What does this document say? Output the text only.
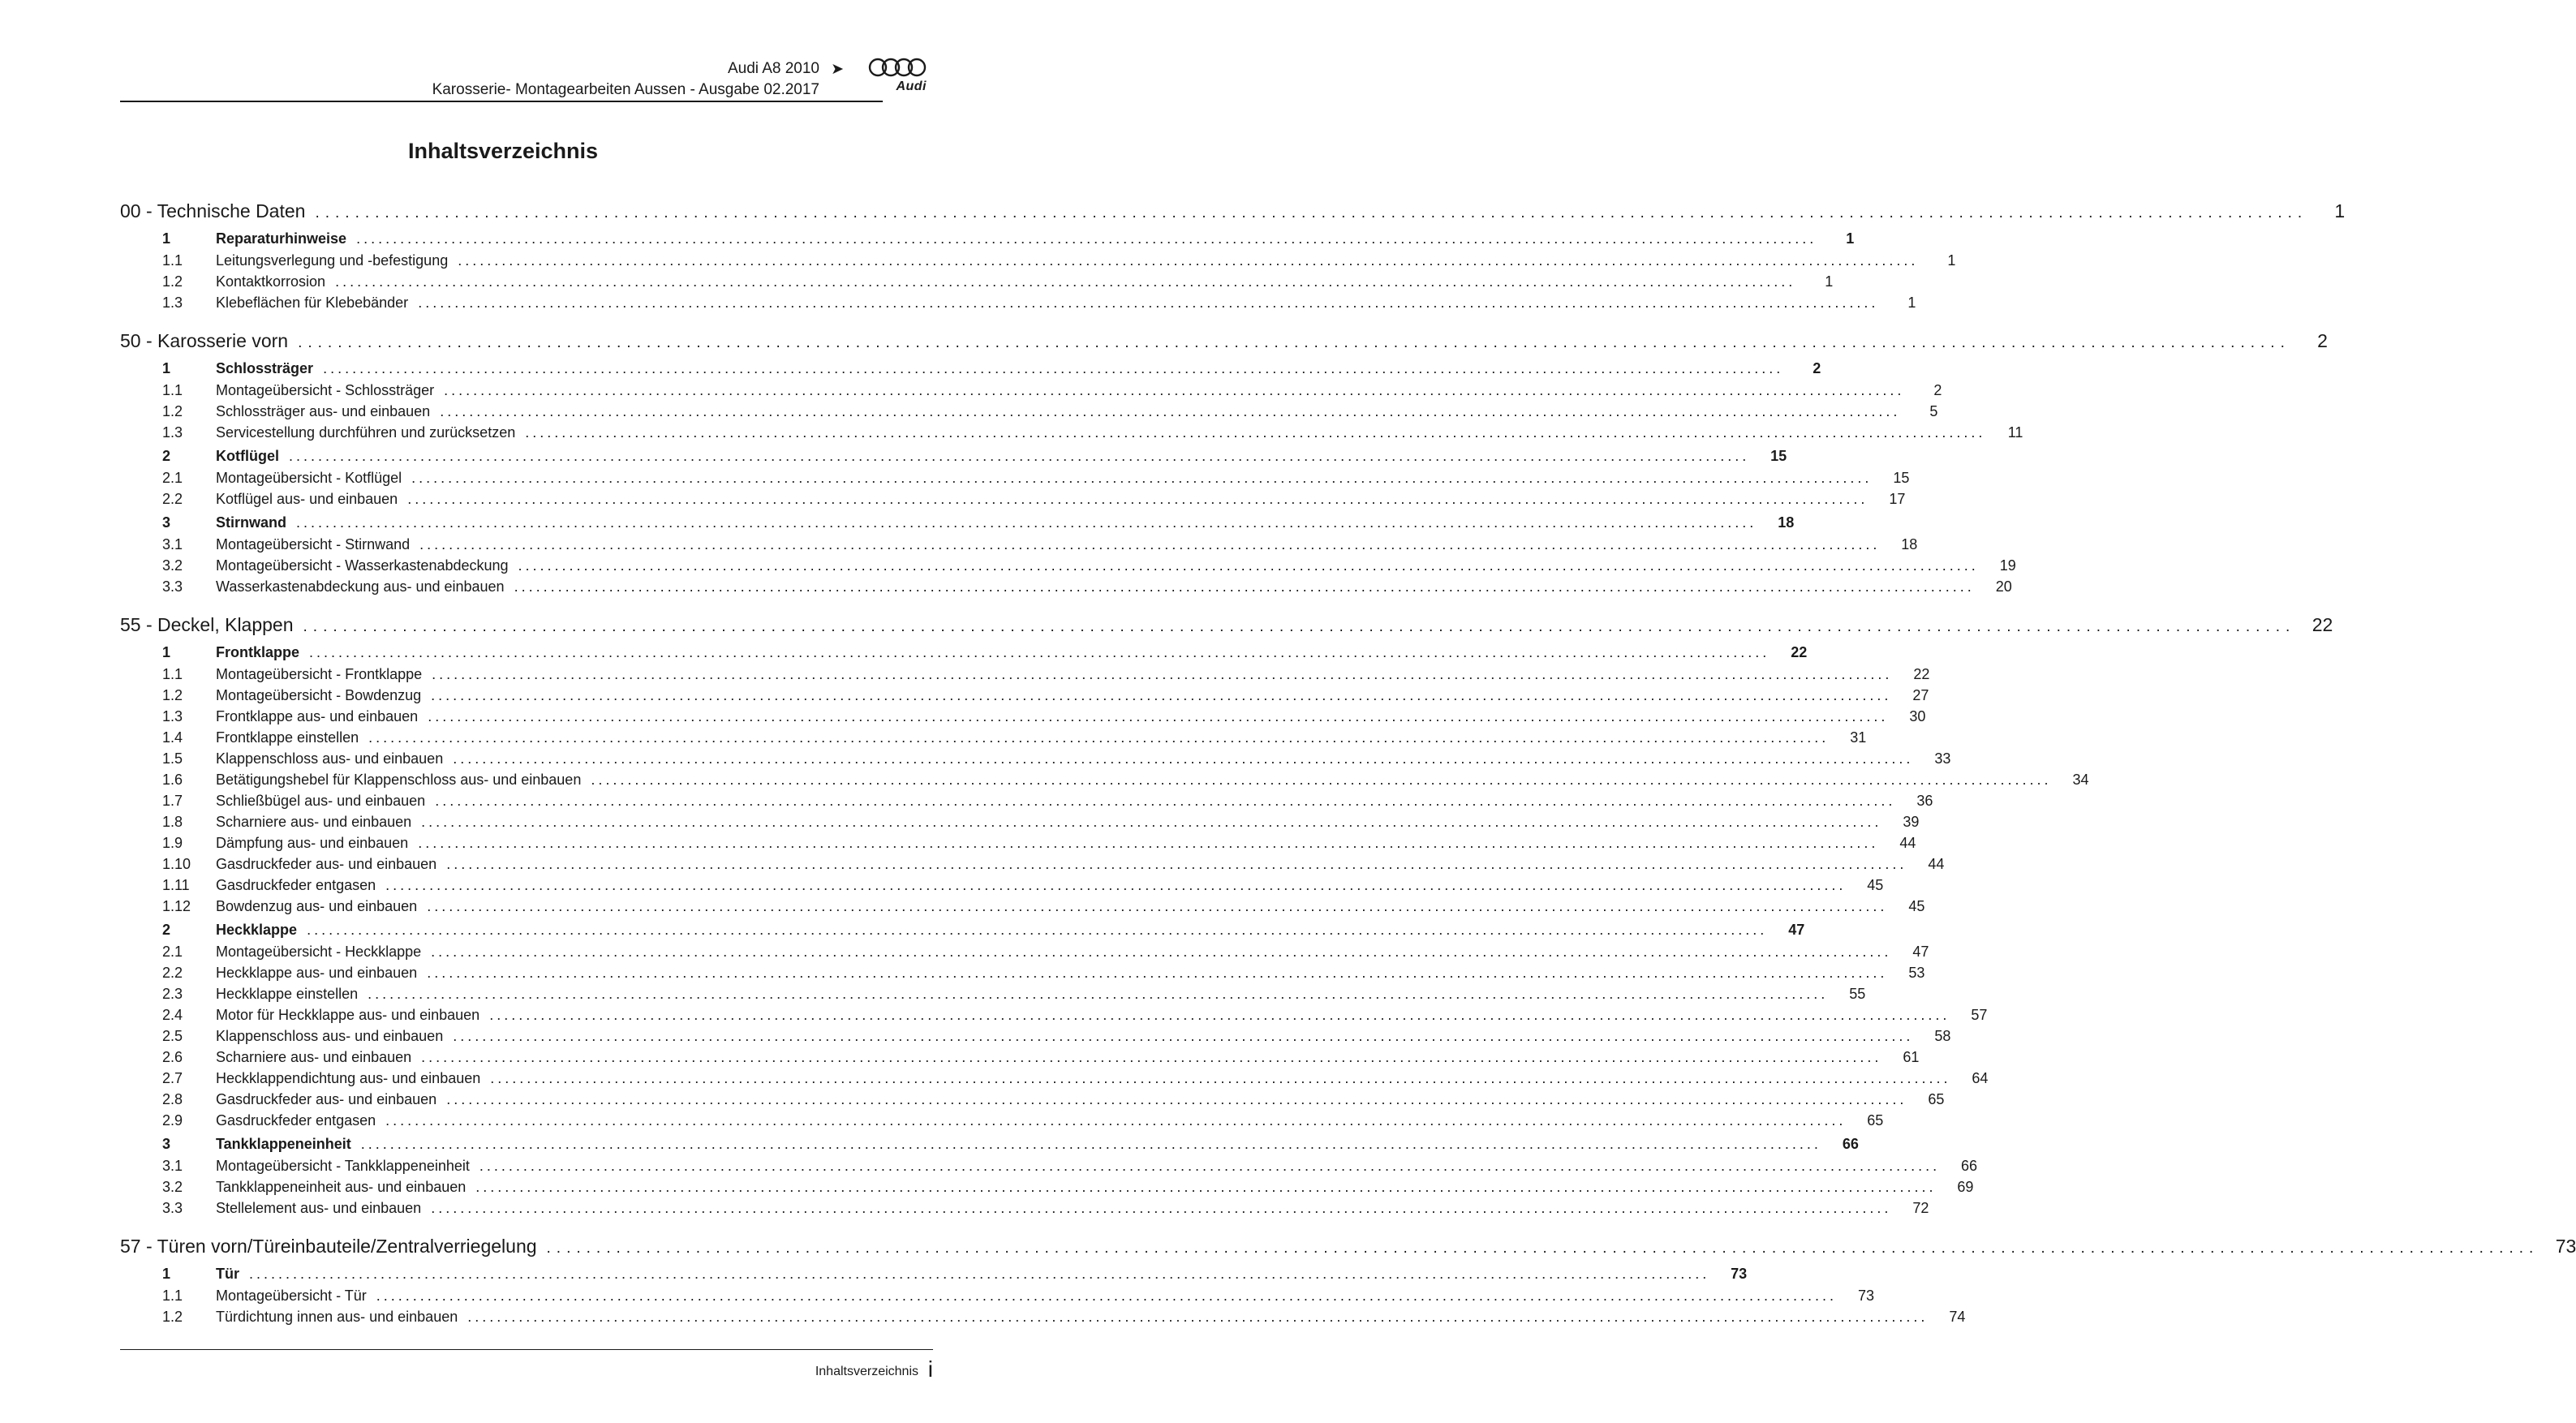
Audi A8 2010 ➤
Karosserie- Montagearbeiten Aussen - Ausgabe 02.2017	Audi
Inhaltsverzeichnis
00 - Technische Daten ........................................................................................................................................................................................................	1
1	Reparaturhinweise ........................................................................................................................................................................................................	1
1.1	Leitungsverlegung und -befestigung ........................................................................................................................................................................................................	1
1.2	Kontaktkorrosion ........................................................................................................................................................................................................	1
1.3	Klebeflächen für Klebebänder ........................................................................................................................................................................................................	1
50 - Karosserie vorn ........................................................................................................................................................................................................	2
1	Schlossträger ........................................................................................................................................................................................................	2
1.1	Montageübersicht - Schlossträger ........................................................................................................................................................................................................	2
1.2	Schlossträger aus- und einbauen ........................................................................................................................................................................................................	5
1.3	Servicestellung durchführen und zurücksetzen ........................................................................................................................................................................................................	11
2	Kotflügel ........................................................................................................................................................................................................	15
2.1	Montageübersicht - Kotflügel ........................................................................................................................................................................................................	15
2.2	Kotflügel aus- und einbauen ........................................................................................................................................................................................................	17
3	Stirnwand ........................................................................................................................................................................................................	18
3.1	Montageübersicht - Stirnwand ........................................................................................................................................................................................................	18
3.2	Montageübersicht - Wasserkastenabdeckung ........................................................................................................................................................................................................	19
3.3	Wasserkastenabdeckung aus- und einbauen ........................................................................................................................................................................................................	20
55 - Deckel, Klappen ........................................................................................................................................................................................................ 22
1	Frontklappe ........................................................................................................................................................................................................	22
1.1	Montageübersicht - Frontklappe ........................................................................................................................................................................................................	22
1.2	Montageübersicht - Bowdenzug ........................................................................................................................................................................................................	27
1.3	Frontklappe aus- und einbauen ........................................................................................................................................................................................................	30
1.4	Frontklappe einstellen ........................................................................................................................................................................................................	31
1.5	Klappenschloss aus- und einbauen ........................................................................................................................................................................................................	33
1.6	Betätigungshebel für Klappenschloss aus- und einbauen ........................................................................................................................................................................................................	34
1.7	Schließbügel aus- und einbauen ........................................................................................................................................................................................................	36
1.8	Scharniere aus- und einbauen ........................................................................................................................................................................................................	39
1.9	Dämpfung aus- und einbauen ........................................................................................................................................................................................................	44
1.10	Gasdruckfeder aus- und einbauen ........................................................................................................................................................................................................	44
1.11	Gasdruckfeder entgasen ........................................................................................................................................................................................................	45
1.12	Bowdenzug aus- und einbauen ........................................................................................................................................................................................................	45
2	Heckklappe ........................................................................................................................................................................................................	47
2.1	Montageübersicht - Heckklappe ........................................................................................................................................................................................................	47
2.2	Heckklappe aus- und einbauen ........................................................................................................................................................................................................	53
2.3	Heckklappe einstellen ........................................................................................................................................................................................................	55
2.4	Motor für Heckklappe aus- und einbauen ........................................................................................................................................................................................................	57
2.5	Klappenschloss aus- und einbauen ........................................................................................................................................................................................................	58
2.6	Scharniere aus- und einbauen ........................................................................................................................................................................................................	61
2.7	Heckklappendichtung aus- und einbauen ........................................................................................................................................................................................................	64
2.8	Gasdruckfeder aus- und einbauen ........................................................................................................................................................................................................	65
2.9	Gasdruckfeder entgasen ........................................................................................................................................................................................................	65
3	Tankklappeneinheit ........................................................................................................................................................................................................	66
3.1	Montageübersicht - Tankklappeneinheit ........................................................................................................................................................................................................	66
3.2	Tankklappeneinheit aus- und einbauen ........................................................................................................................................................................................................	69
3.3	Stellelement aus- und einbauen ........................................................................................................................................................................................................	72
57 - Türen vorn/Türeinbauteile/Zentralverriegelung ........................................................................................................................................................................................................ 73
1	Tür ........................................................................................................................................................................................................	73
1.1	Montageübersicht - Tür ........................................................................................................................................................................................................	73
1.2	Türdichtung innen aus- und einbauen ........................................................................................................................................................................................................	74
Inhaltsverzeichnis i
